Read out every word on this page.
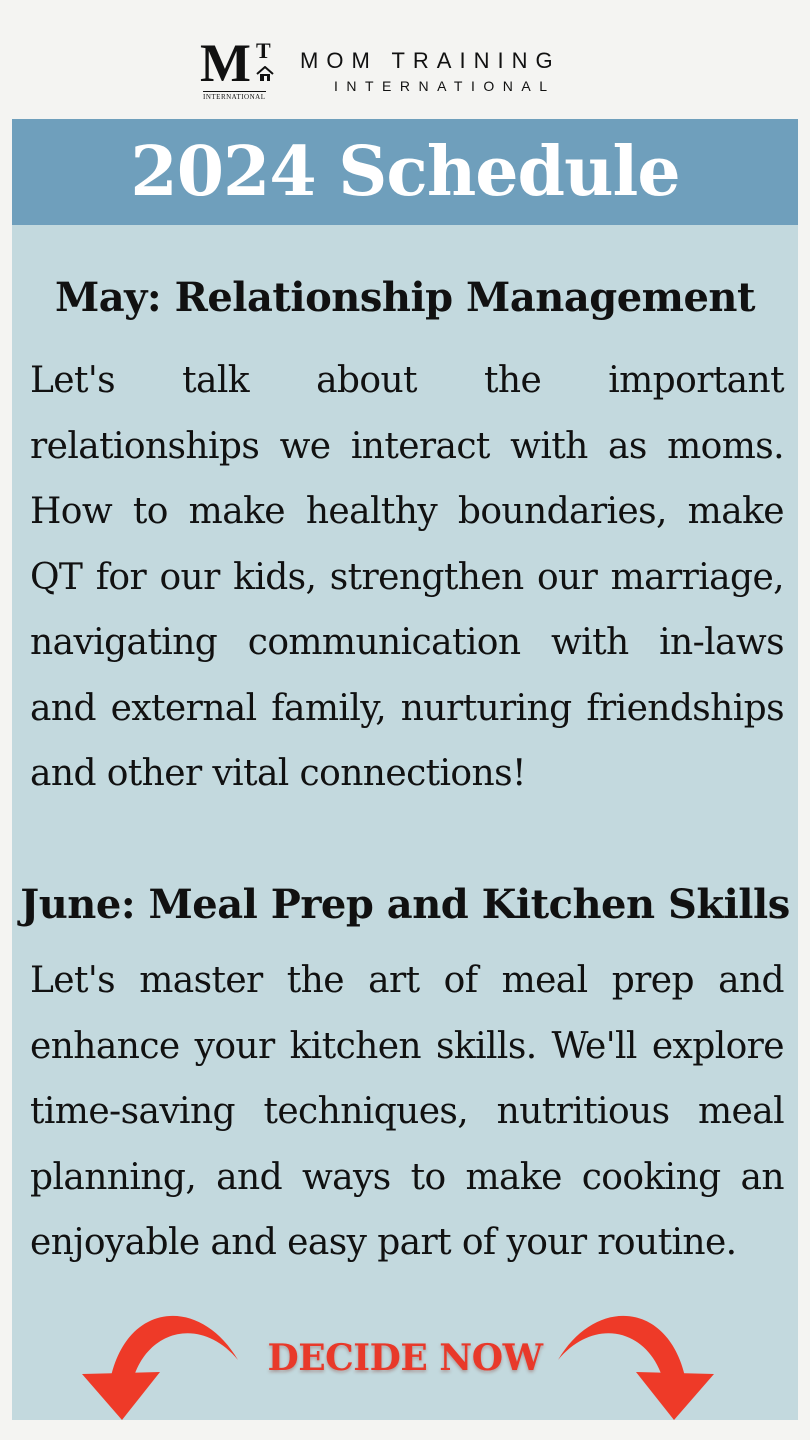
M T
INTERNATIONAL
MOM TRAINING
INTERNATIONAL
2024 Schedule
May: Relationship Management

Let's talk about the important relationships we interact with as moms. How to make healthy boundaries, make QT for our kids, strengthen our marriage, navigating communication with in-laws and external family, nurturing friendships and other vital connections!

June: Meal Prep and Kitchen Skills

Let's master the art of meal prep and enhance your kitchen skills. We'll explore time-saving techniques, nutritious meal planning, and ways to make cooking an enjoyable and easy part of your routine.

DECIDE NOW
